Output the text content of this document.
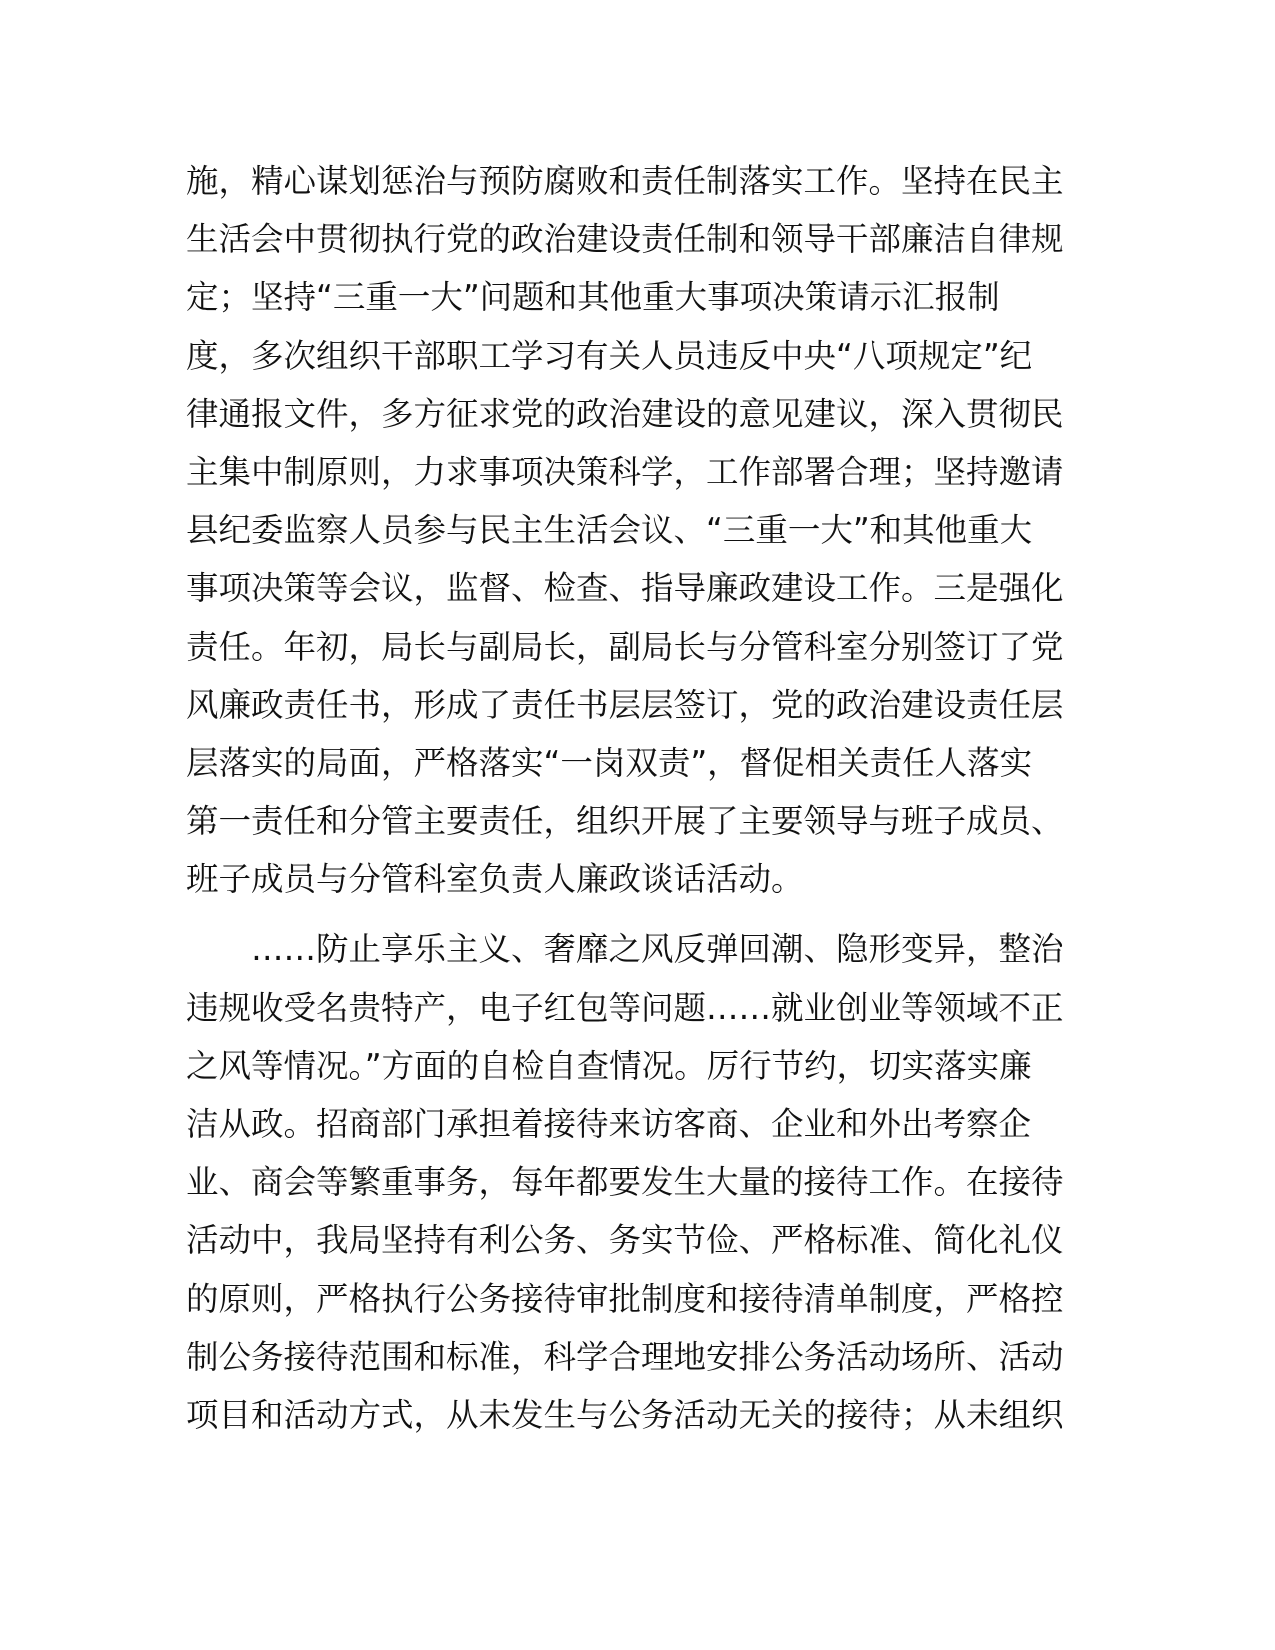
施，精心谋划惩治与预防腐败和责任制落实工作。坚持在民主
生活会中贯彻执行党的政治建设责任制和领导干部廉洁自律规
定；坚持“三重一大”问题和其他重大事项决策请示汇报制
度，多次组织干部职工学习有关人员违反中央“八项规定”纪
律通报文件，多方征求党的政治建设的意见建议，深入贯彻民
主集中制原则，力求事项决策科学，工作部署合理；坚持邀请
县纪委监察人员参与民主生活会议、“三重一大”和其他重大
事项决策等会议，监督、检查、指导廉政建设工作。三是强化
责任。年初，局长与副局长，副局长与分管科室分别签订了党
风廉政责任书，形成了责任书层层签订，党的政治建设责任层
层落实的局面，严格落实“一岗双责”，督促相关责任人落实
第一责任和分管主要责任，组织开展了主要领导与班子成员、
班子成员与分管科室负责人廉政谈话活动。
　　……防止享乐主义、奢靡之风反弹回潮、隐形变异，整治
违规收受名贵特产，电子红包等问题……就业创业等领域不正
之风等情况。”方面的自检自查情况。厉行节约，切实落实廉
洁从政。招商部门承担着接待来访客商、企业和外出考察企
业、商会等繁重事务，每年都要发生大量的接待工作。在接待
活动中，我局坚持有利公务、务实节俭、严格标准、简化礼仪
的原则，严格执行公务接待审批制度和接待清单制度，严格控
制公务接待范围和标准，科学合理地安排公务活动场所、活动
项目和活动方式，从未发生与公务活动无关的接待；从未组织
